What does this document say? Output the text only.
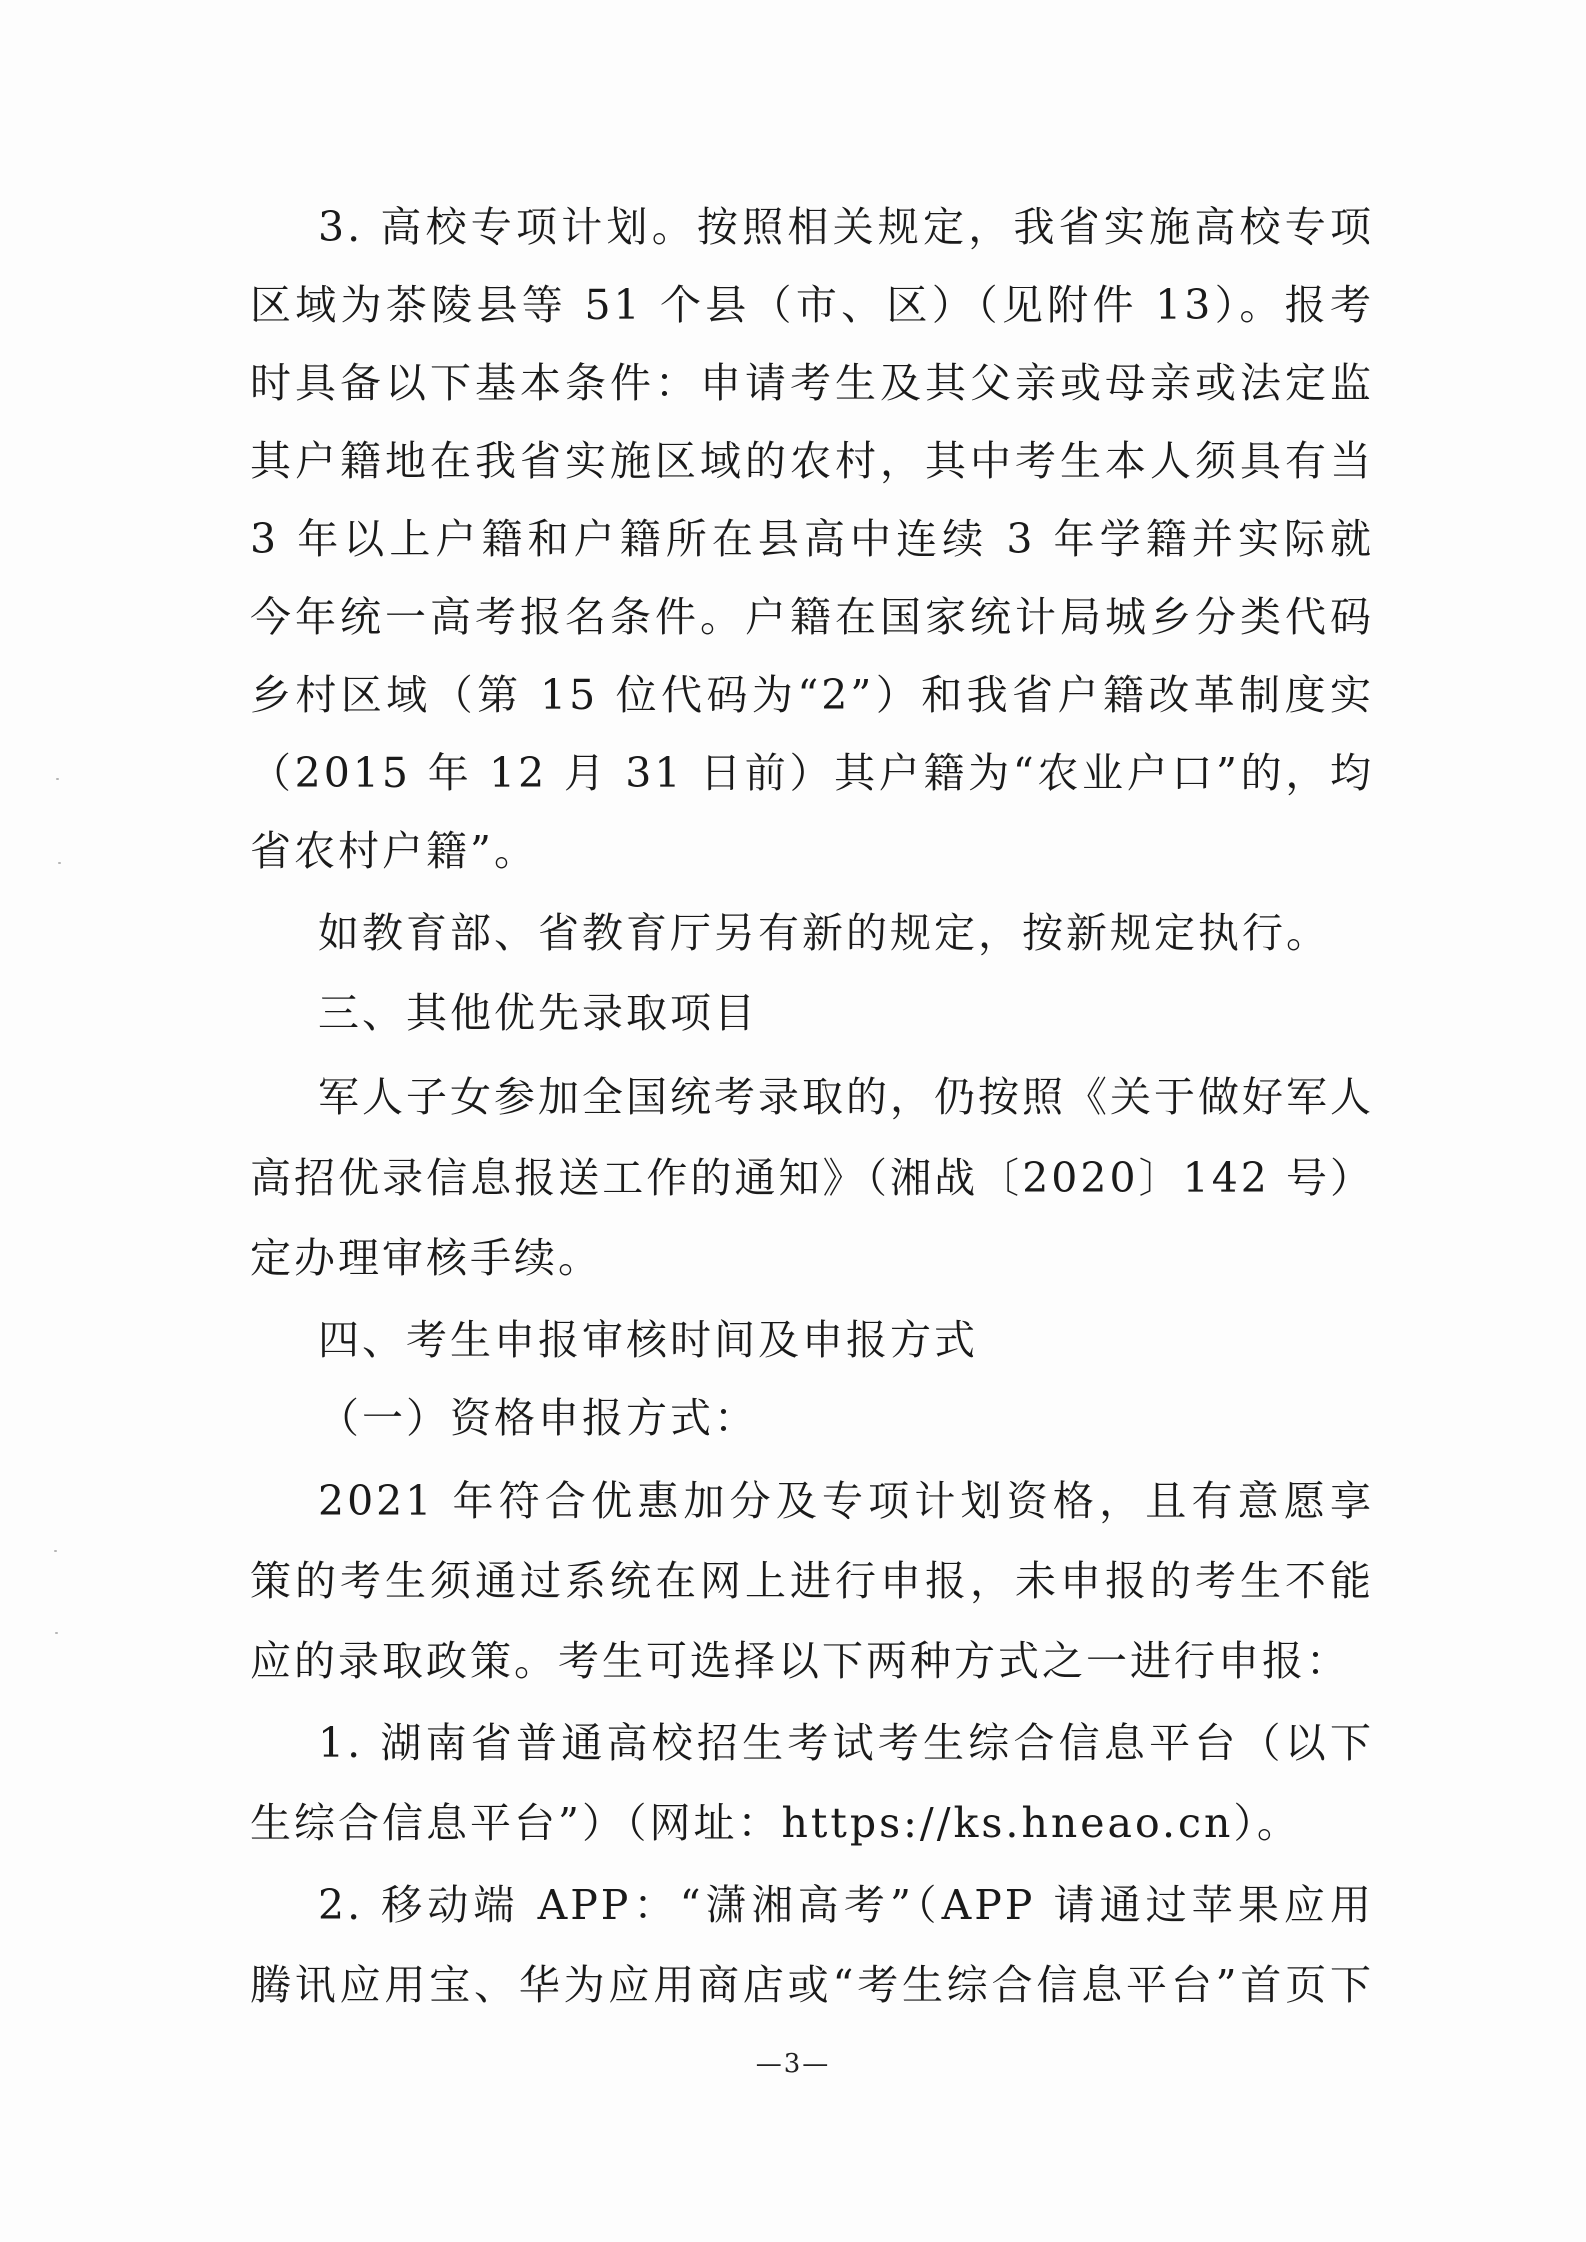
3. 高校专项计划。按照相关规定，我省实施高校专项
区域为茶陵县等 51 个县（市、区）（见附件 13）。报考
时具备以下基本条件：申请考生及其父亲或母亲或法定监
其户籍地在我省实施区域的农村，其中考生本人须具有当
3 年以上户籍和户籍所在县高中连续 3 年学籍并实际就
今年统一高考报名条件。户籍在国家统计局城乡分类代码
乡村区域（第 15 位代码为“2”）和我省户籍改革制度实
（2015 年 12 月 31 日前）其户籍为“农业户口”的，均
省农村户籍”。
如教育部、省教育厅另有新的规定，按新规定执行。
三、其他优先录取项目
军人子女参加全国统考录取的，仍按照《关于做好军人
高招优录信息报送工作的通知》（湘战〔2020〕142 号）
定办理审核手续。
四、考生申报审核时间及申报方式
（一）资格申报方式：
2021 年符合优惠加分及专项计划资格，且有意愿享
策的考生须通过系统在网上进行申报，未申报的考生不能
应的录取政策。考生可选择以下两种方式之一进行申报：
1. 湖南省普通高校招生考试考生综合信息平台（以下
生综合信息平台”）（网址：https://ks.hneao.cn）。
2. 移动端 APP：“潇湘高考”（APP 请通过苹果应用
腾讯应用宝、华为应用商店或“考生综合信息平台”首页下
—3—
